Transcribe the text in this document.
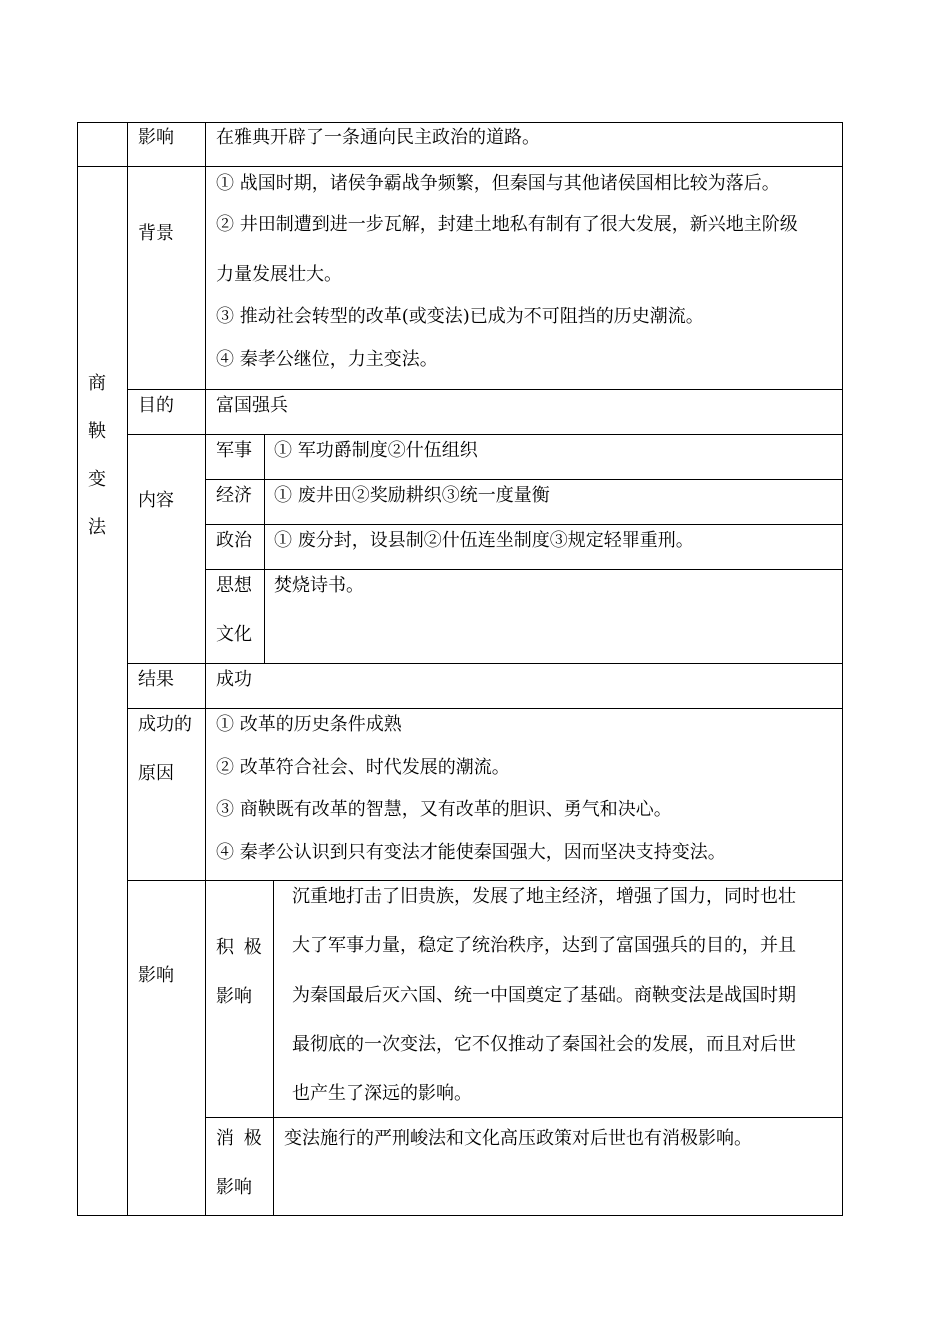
影响 在雅典开辟了一条通向民主政治的道路。
商
鞅
变
法
背景
① 战国时期，诸侯争霸战争频繁，但秦国与其他诸侯国相比较为落后。
② 井田制遭到进一步瓦解，封建土地私有制有了很大发展，新兴地主阶级
力量发展壮大。
③ 推动社会转型的改革(或变法)已成为不可阻挡的历史潮流。
④ 秦孝公继位，力主变法。
目的 富国强兵
内容
军事 ① 军功爵制度②什伍组织
经济 ① 废井田②奖励耕织③统一度量衡
政治 ① 废分封，设县制②什伍连坐制度③规定轻罪重刑。
思想
文化
焚烧诗书。
结果 成功
成功的
原因
① 改革的历史条件成熟
② 改革符合社会、时代发展的潮流。
③ 商鞅既有改革的智慧，又有改革的胆识、勇气和决心。
④ 秦孝公认识到只有变法才能使秦国强大，因而坚决支持变法。
影响
积 极
影响
沉重地打击了旧贵族，发展了地主经济，增强了国力，同时也壮
大了军事力量，稳定了统治秩序，达到了富国强兵的目的，并且
为秦国最后灭六国、统一中国奠定了基础。商鞅变法是战国时期
最彻底的一次变法，它不仅推动了秦国社会的发展，而且对后世
也产生了深远的影响。
消 极
影响
变法施行的严刑峻法和文化高压政策对后世也有消极影响。
